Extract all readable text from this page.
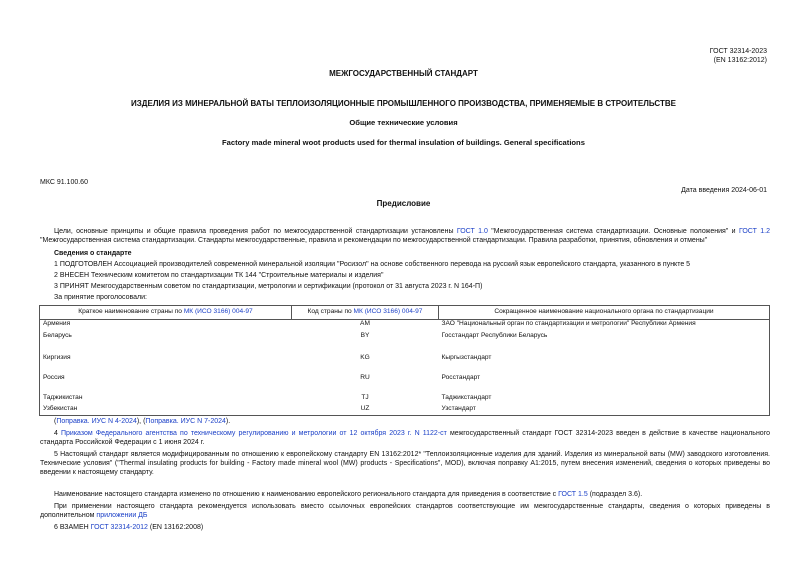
ГОСТ 32314-2023
(EN 13162:2012)
МЕЖГОСУДАРСТВЕННЫЙ СТАНДАРТ
ИЗДЕЛИЯ ИЗ МИНЕРАЛЬНОЙ ВАТЫ ТЕПЛОИЗОЛЯЦИОННЫЕ ПРОМЫШЛЕННОГО ПРОИЗВОДСТВА, ПРИМЕНЯЕМЫЕ В СТРОИТЕЛЬСТВЕ
Общие технические условия
Factory made mineral woot products used for thermal insulation of buildings. General specifications
МКС 91.100.60
Дата введения 2024-06-01
Предисловие
Цели, основные принципы и общие правила проведения работ по межгосударственной стандартизации установлены ГОСТ 1.0 "Межгосударственная система стандартизации. Основные положения" и ГОСТ 1.2 "Межгосударственная система стандартизации. Стандарты межгосударственные, правила и рекомендации по межгосударственной стандартизации. Правила разработки, принятия, обновления и отмены"
Сведения о стандарте
1 ПОДГОТОВЛЕН Ассоциацией производителей современной минеральной изоляции "Росизол" на основе собственного перевода на русский язык европейского стандарта, указанного в пункте 5
2 ВНЕСЕН Техническим комитетом по стандартизации ТК 144 "Строительные материалы и изделия"
3 ПРИНЯТ Межгосударственным советом по стандартизации, метрологии и сертификации (протокол от 31 августа 2023 г. N 164-П)
За принятие проголосовали:
Краткое наименование страны по МК (ИСО 3166) 004-97	Код страны по МК (ИСО 3166) 004-97	Сокращенное наименование национального органа по стандартизации
Армения	AM	ЗАО "Национальный орган по стандартизации и метрологии" Республики Армения
Беларусь	BY	Госстандарт Республики Беларусь
Киргизия	KG	Кыргызстандарт
Россия	RU	Росстандарт
Таджикистан	TJ	Таджикстандарт
Узбекистан	UZ	Узстандарт
(Поправка. ИУС N 4-2024), (Поправка. ИУС N 7-2024).
4 Приказом Федерального агентства по техническому регулированию и метрологии от 12 октября 2023 г. N 1122-ст межгосударственный стандарт ГОСТ 32314-2023 введен в действие в качестве национального стандарта Российской Федерации с 1 июня 2024 г.
5 Настоящий стандарт является модифицированным по отношению к европейскому стандарту EN 13162:2012* "Теплоизоляционные изделия для зданий. Изделия из минеральной ваты (MW) заводского изготовления. Технические условия" ("Thermal insulating products for building - Factory made mineral wool (MW) products - Specifications", MOD), включая поправку А1:2015, путем внесения изменений, сведения о которых приведены во введении к настоящему стандарту.
Наименование настоящего стандарта изменено по отношению к наименованию европейского регионального стандарта для приведения в соответствие с ГОСТ 1.5 (подраздел 3.6).
При применении настоящего стандарта рекомендуется использовать вместо ссылочных европейских стандартов соответствующие им межгосударственные стандарты, сведения о которых приведены в дополнительном приложении ДБ
6 ВЗАМЕН ГОСТ 32314-2012 (EN 13162:2008)
